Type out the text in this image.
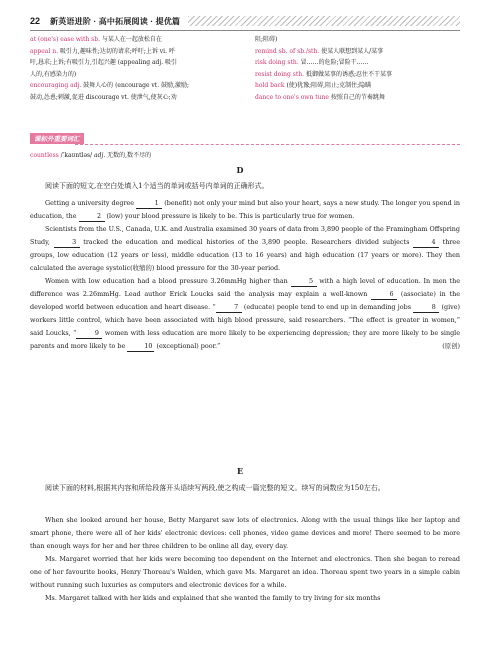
22 新英语进阶 · 高中拓展阅读 · 提优篇
at (one's) ease with sb. 与某人在一起放松自在
appeal n. 吸引力,趣味性;达切的请求;呼吁;上诉 vi. 呼
吁,恳求;上诉;有吸引力,引起兴趣 (appealing adj. 吸引
人的,有感染力的)
encouraging adj. 鼓舞人心的 (encourage vt. 鼓励,激励;
鼓动,怂恿;刺激,促进 discourage vt. 使泄气,使灰心;劝
阻;阻碍)
remind sb. of sb./sth. 使某人联想到某人/某事
risk doing sth. 冒……的危险;冒险干……
resist doing sth. 抵御做某事的诱惑;忍住不干某事
hold back (使)犹豫;阻碍,阻止;克制住;隐瞒
dance to one's own tune 按照自己的节奏跳舞
课标外重要词汇
countless /ˈkaʊntləs/ adj. 无数的,数不尽的
D
阅读下面的短文,在空白处填入1个适当的单词或括号内单词的正确形式。

Getting a university degree	1 (benefit) not only your mind but also your heart, says a new study. The longer you spend in education, the	2 (low) your blood pressure is likely to be. This is particularly true for women.

Scientists from the U.S., Canada, U.K. and Australia examined 30 years of data from 3,890 people of the Framingham Offspring Study,	3 tracked the education and medical histories of the 3,890 people. Researchers divided subjects	4 three groups, low education (12 years or less), middle education (13 to 16 years) and high education (17 years or more). They then calculated the average systolic(收缩的) blood pressure for the 30-year period.

Women with low education had a blood pressure 3.26mmHg higher than	5 with a high level of education. In men the difference was 2.26mmHg. Lead author Erick Loucks said the analysis may explain a well-known	6 (associate) in the developed world between education and heart disease. “	7 (educate) people tend to end up in demanding jobs	8 (give) workers little control, which have been associated with high blood pressure, said researchers. “The effect is greater in women,” said Loucks, “	9 women with less education are more likely to be experiencing depression; they are more likely to be single parents and more likely to be	10 (exceptional) poor.”	(原创)

E
阅读下面的材料,根据其内容和所给段落开头语续写两段,使之构成一篇完整的短文。续写的词数应为150左右。

When she looked around her house, Betty Margaret saw lots of electronics. Along with the usual things like her laptop and smart phone, there were all of her kids' electronic devices: cell phones, video game devices and more! There seemed to be more than enough ways for her and her three children to be online all day, every day.

Ms. Margaret worried that her kids were becoming too dependent on the Internet and electronics. Then she began to reread one of her favourite books, Henry Thoreau's Walden, which gave Ms. Margaret an idea. Thoreau spent two years in a simple cabin without running such luxuries as computers and electronic devices for a while.

Ms. Margaret talked with her kids and explained that she wanted the family to try living for six months
